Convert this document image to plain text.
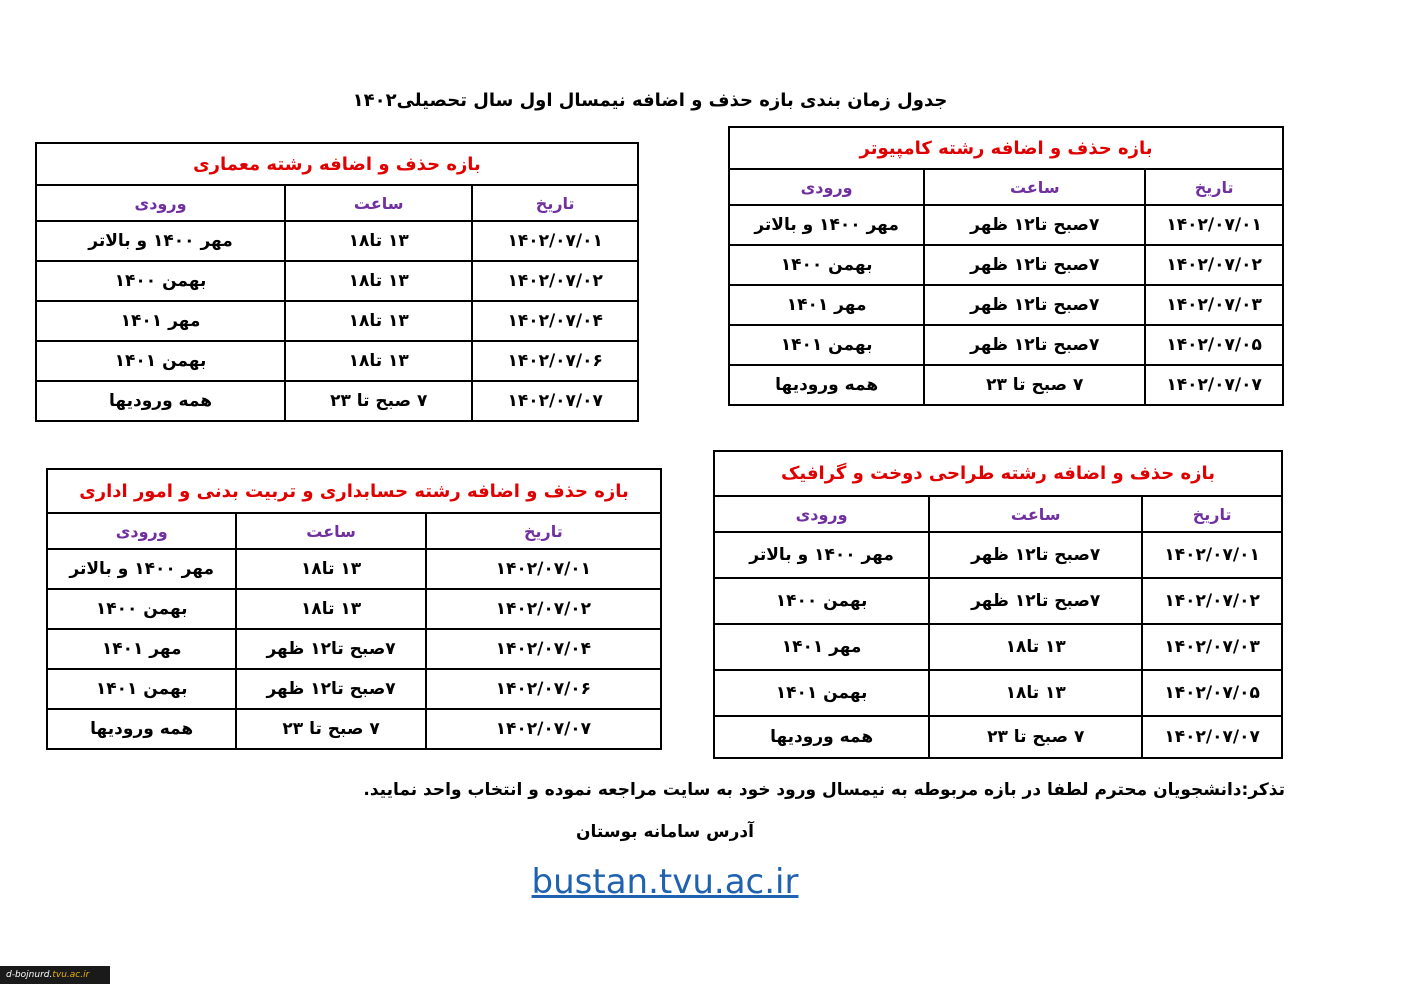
جدول زمان بندی بازه حذف و اضافه نیمسال اول سال تحصیلی۱۴۰۲
بازه حذف و اضافه رشته کامپیوتر		
تاریخ	ساعت	ورودی
۱۴۰۲/۰۷/۰۱	۷صبح تا۱۲ ظهر	مهر ۱۴۰۰ و بالاتر
۱۴۰۲/۰۷/۰۲	۷صبح تا۱۲ ظهر	بهمن ۱۴۰۰
۱۴۰۲/۰۷/۰۳	۷صبح تا۱۲ ظهر	مهر ۱۴۰۱
۱۴۰۲/۰۷/۰۵	۷صبح تا۱۲ ظهر	بهمن ۱۴۰۱
۱۴۰۲/۰۷/۰۷	۷ صبح تا ۲۳	همه ورودیها
بازه حذف و اضافه رشته معماری		
تاریخ	ساعت	ورودی
۱۴۰۲/۰۷/۰۱	۱۳ تا۱۸	مهر ۱۴۰۰ و بالاتر
۱۴۰۲/۰۷/۰۲	۱۳ تا۱۸	بهمن ۱۴۰۰
۱۴۰۲/۰۷/۰۴	۱۳ تا۱۸	مهر ۱۴۰۱
۱۴۰۲/۰۷/۰۶	۱۳ تا۱۸	بهمن ۱۴۰۱
۱۴۰۲/۰۷/۰۷	۷ صبح تا ۲۳	همه ورودیها
بازه حذف و اضافه رشته طراحی دوخت و گرافیک		
تاریخ	ساعت	ورودی
۱۴۰۲/۰۷/۰۱	۷صبح تا۱۲ ظهر	مهر ۱۴۰۰ و بالاتر
۱۴۰۲/۰۷/۰۲	۷صبح تا۱۲ ظهر	بهمن ۱۴۰۰
۱۴۰۲/۰۷/۰۳	۱۳ تا۱۸	مهر ۱۴۰۱
۱۴۰۲/۰۷/۰۵	۱۳ تا۱۸	بهمن ۱۴۰۱
۱۴۰۲/۰۷/۰۷	۷ صبح تا ۲۳	همه ورودیها
بازه حذف و اضافه رشته حسابداری و تربیت بدنی و امور اداری		
تاریخ	ساعت	ورودی
۱۴۰۲/۰۷/۰۱	۱۳ تا۱۸	مهر ۱۴۰۰ و بالاتر
۱۴۰۲/۰۷/۰۲	۱۳ تا۱۸	بهمن ۱۴۰۰
۱۴۰۲/۰۷/۰۴	۷صبح تا۱۲ ظهر	مهر ۱۴۰۱
۱۴۰۲/۰۷/۰۶	۷صبح تا۱۲ ظهر	بهمن ۱۴۰۱
۱۴۰۲/۰۷/۰۷	۷ صبح تا ۲۳	همه ورودیها
تذکر:دانشجویان محترم لطفا در بازه مربوطه به نیمسال ورود خود به سایت مراجعه نموده و انتخاب واحد نمایید.
آدرس سامانه بوستان
bustan.tvu.ac.ir
d-bojnurd.tvu.ac.ir
